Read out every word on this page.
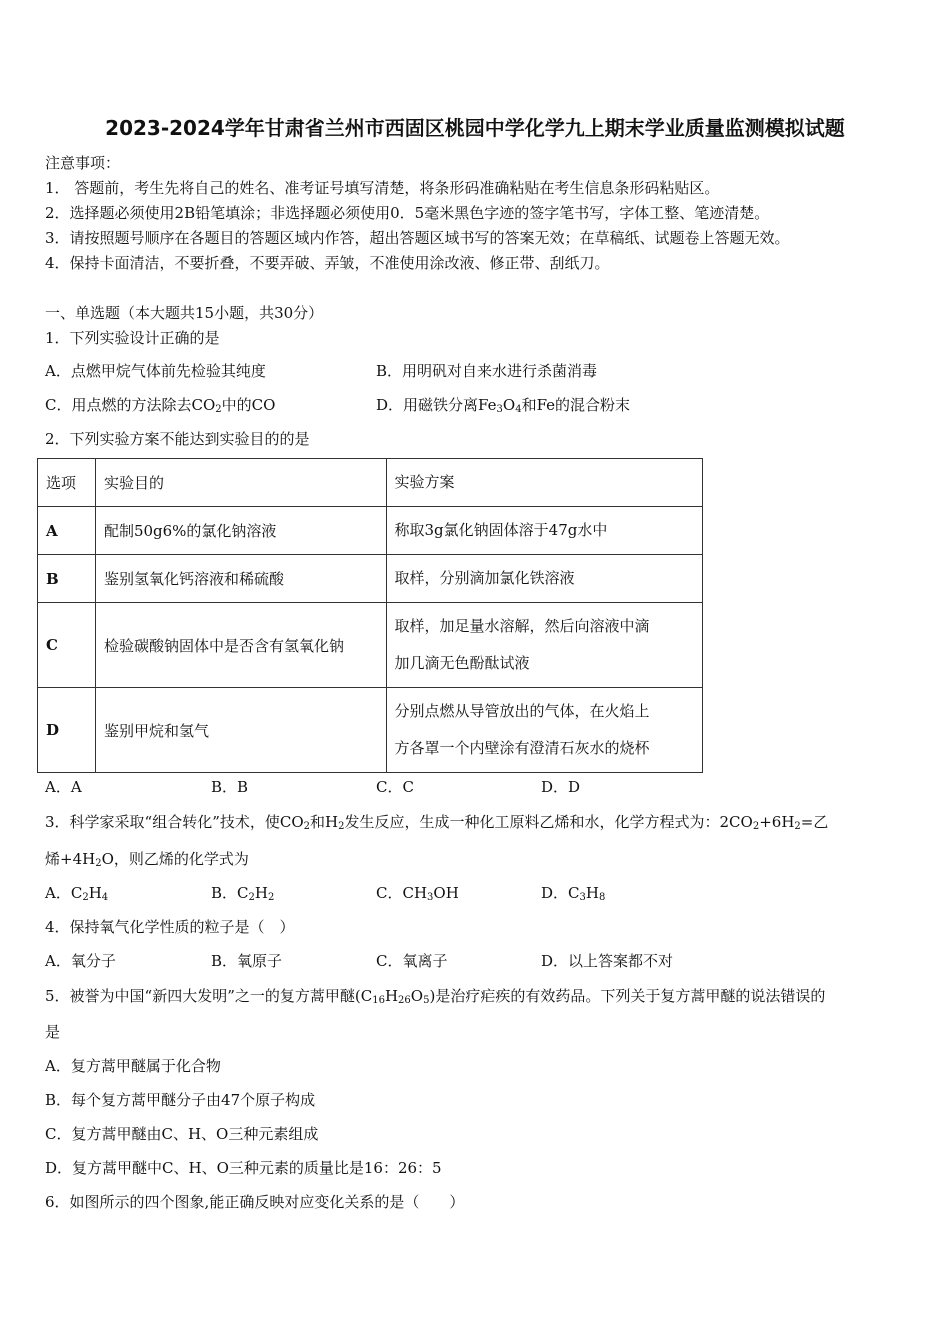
2023-2024学年甘肃省兰州市西固区桃园中学化学九上期末学业质量监测模拟试题
注意事项：
1． 答题前，考生先将自己的姓名、准考证号填写清楚，将条形码准确粘贴在考生信息条形码粘贴区。
2．选择题必须使用2B铅笔填涂；非选择题必须使用0．5毫米黑色字迹的签字笔书写，字体工整、笔迹清楚。
3．请按照题号顺序在各题目的答题区域内作答，超出答题区域书写的答案无效；在草稿纸、试题卷上答题无效。
4．保持卡面清洁，不要折叠，不要弄破、弄皱，不准使用涂改液、修正带、刮纸刀。
一、单选题（本大题共15小题，共30分）
1．下列实验设计正确的是
A．点燃甲烷气体前先检验其纯度	B．用明矾对自来水进行杀菌消毒
C．用点燃的方法除去$CO_2$中的CO	D．用磁铁分离$Fe_3O_4$和Fe的混合粉末
2．下列实验方案不能达到实验目的的是
选项	实验目的	实验方案
A	配制50g6%的氯化钠溶液	称取3g氯化钠固体溶于47g水中
B	鉴别氢氧化钙溶液和稀硫酸	取样，分别滴加氯化铁溶液
C	检验碳酸钠固体中是否含有氢氧化钠	取样，加足量水溶解，然后向溶液中滴
加几滴无色酚酞试液

D	鉴别甲烷和氢气	分别点燃从导管放出的气体，在火焰上
方各罩一个内壁涂有澄清石灰水的烧杯
A．A	B．B	C．C	D．D
3．科学家采取“组合转化”技术，使$CO_2$和$H_2$发生反应，生成一种化工原料乙烯和水，化学方程式为：$2CO_2+6H_2=$乙
烯$+4H_2O$，则乙烯的化学式为
A．$C_2H_4$	B．$C_2H_2$	C．$CH_3OH$	D．$C_3H_8$
4．保持氧气化学性质的粒子是（　）
A．氧分子	B．氧原子	C．氧离子	D．以上答案都不对
5．被誉为中国“新四大发明”之一的复方蒿甲醚$(C_{16}H_{26}O_5)$是治疗疟疾的有效药品。下列关于复方蒿甲醚的说法错误的
是
A．复方蒿甲醚属于化合物
B．每个复方蒿甲醚分子由47个原子构成
C．复方蒿甲醚由C、H、O三种元素组成
D．复方蒿甲醚中C、H、O三种元素的质量比是16：26：5
6．如图所示的四个图象,能正确反映对应变化关系的是（　　）
